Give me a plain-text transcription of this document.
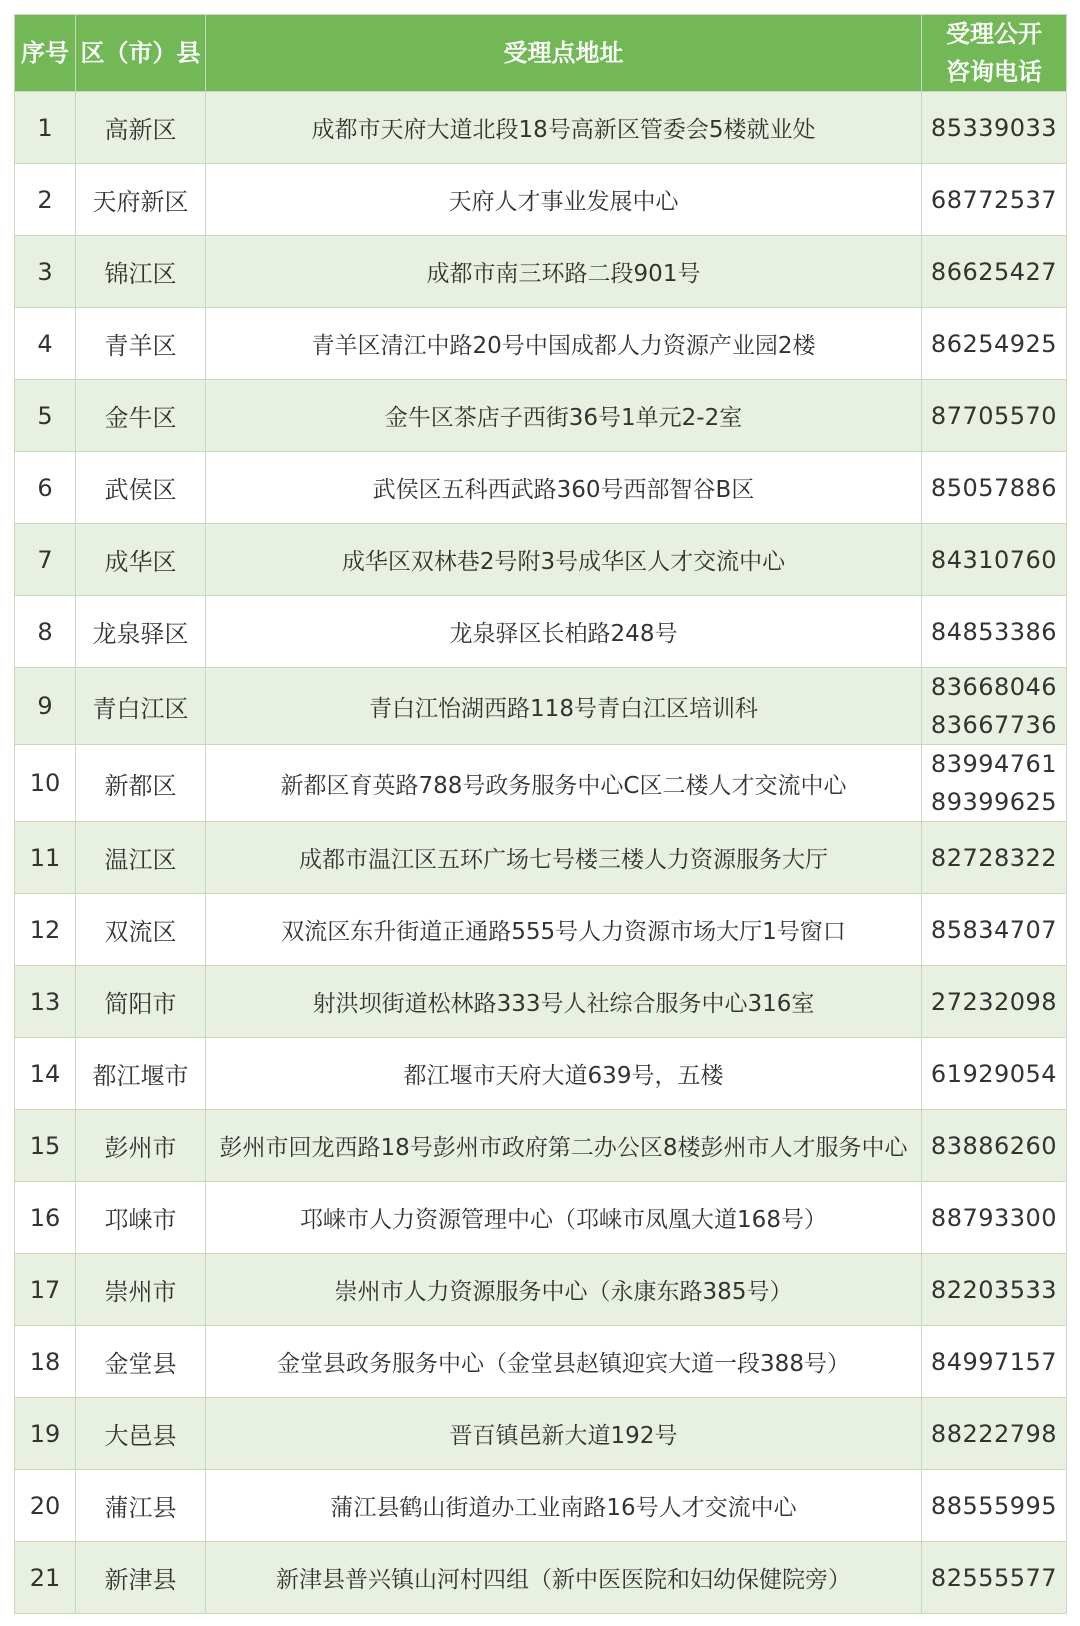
序号	区（市）县	受理点地址	受理公开
咨询电话

1	高新区	成都市天府大道北段18号高新区管委会5楼就业处	85339033

2	天府新区	天府人才事业发展中心	68772537

3	锦江区	成都市南三环路二段901号	86625427

4	青羊区	青羊区清江中路20号中国成都人力资源产业园2楼	86254925

5	金牛区	金牛区茶店子西街36号1单元2-2室	87705570

6	武侯区	武侯区五科西武路360号西部智谷B区	85057886

7	成华区	成华区双林巷2号附3号成华区人才交流中心	84310760

8	龙泉驿区	龙泉驿区长柏路248号	84853386

9	青白江区	青白江怡湖西路118号青白江区培训科	83668046
83667736

10	新都区	新都区育英路788号政务服务中心C区二楼人才交流中心	83994761
89399625

11	温江区	成都市温江区五环广场七号楼三楼人力资源服务大厅	82728322

12	双流区	双流区东升街道正通路555号人力资源市场大厅1号窗口	85834707

13	简阳市	射洪坝街道松林路333号人社综合服务中心316室	27232098

14	都江堰市	都江堰市天府大道639号，五楼	61929054

15	彭州市	彭州市回龙西路18号彭州市政府第二办公区8楼彭州市人才服务中心	83886260

16	邛崃市	邛崃市人力资源管理中心（邛崃市凤凰大道168号）	88793300

17	崇州市	崇州市人力资源服务中心（永康东路385号）	82203533

18	金堂县	金堂县政务服务中心（金堂县赵镇迎宾大道一段388号）	84997157

19	大邑县	晋百镇邑新大道192号	88222798

20	蒲江县	蒲江县鹤山街道办工业南路16号人才交流中心	88555995

21	新津县	新津县普兴镇山河村四组（新中医医院和妇幼保健院旁）	82555577
